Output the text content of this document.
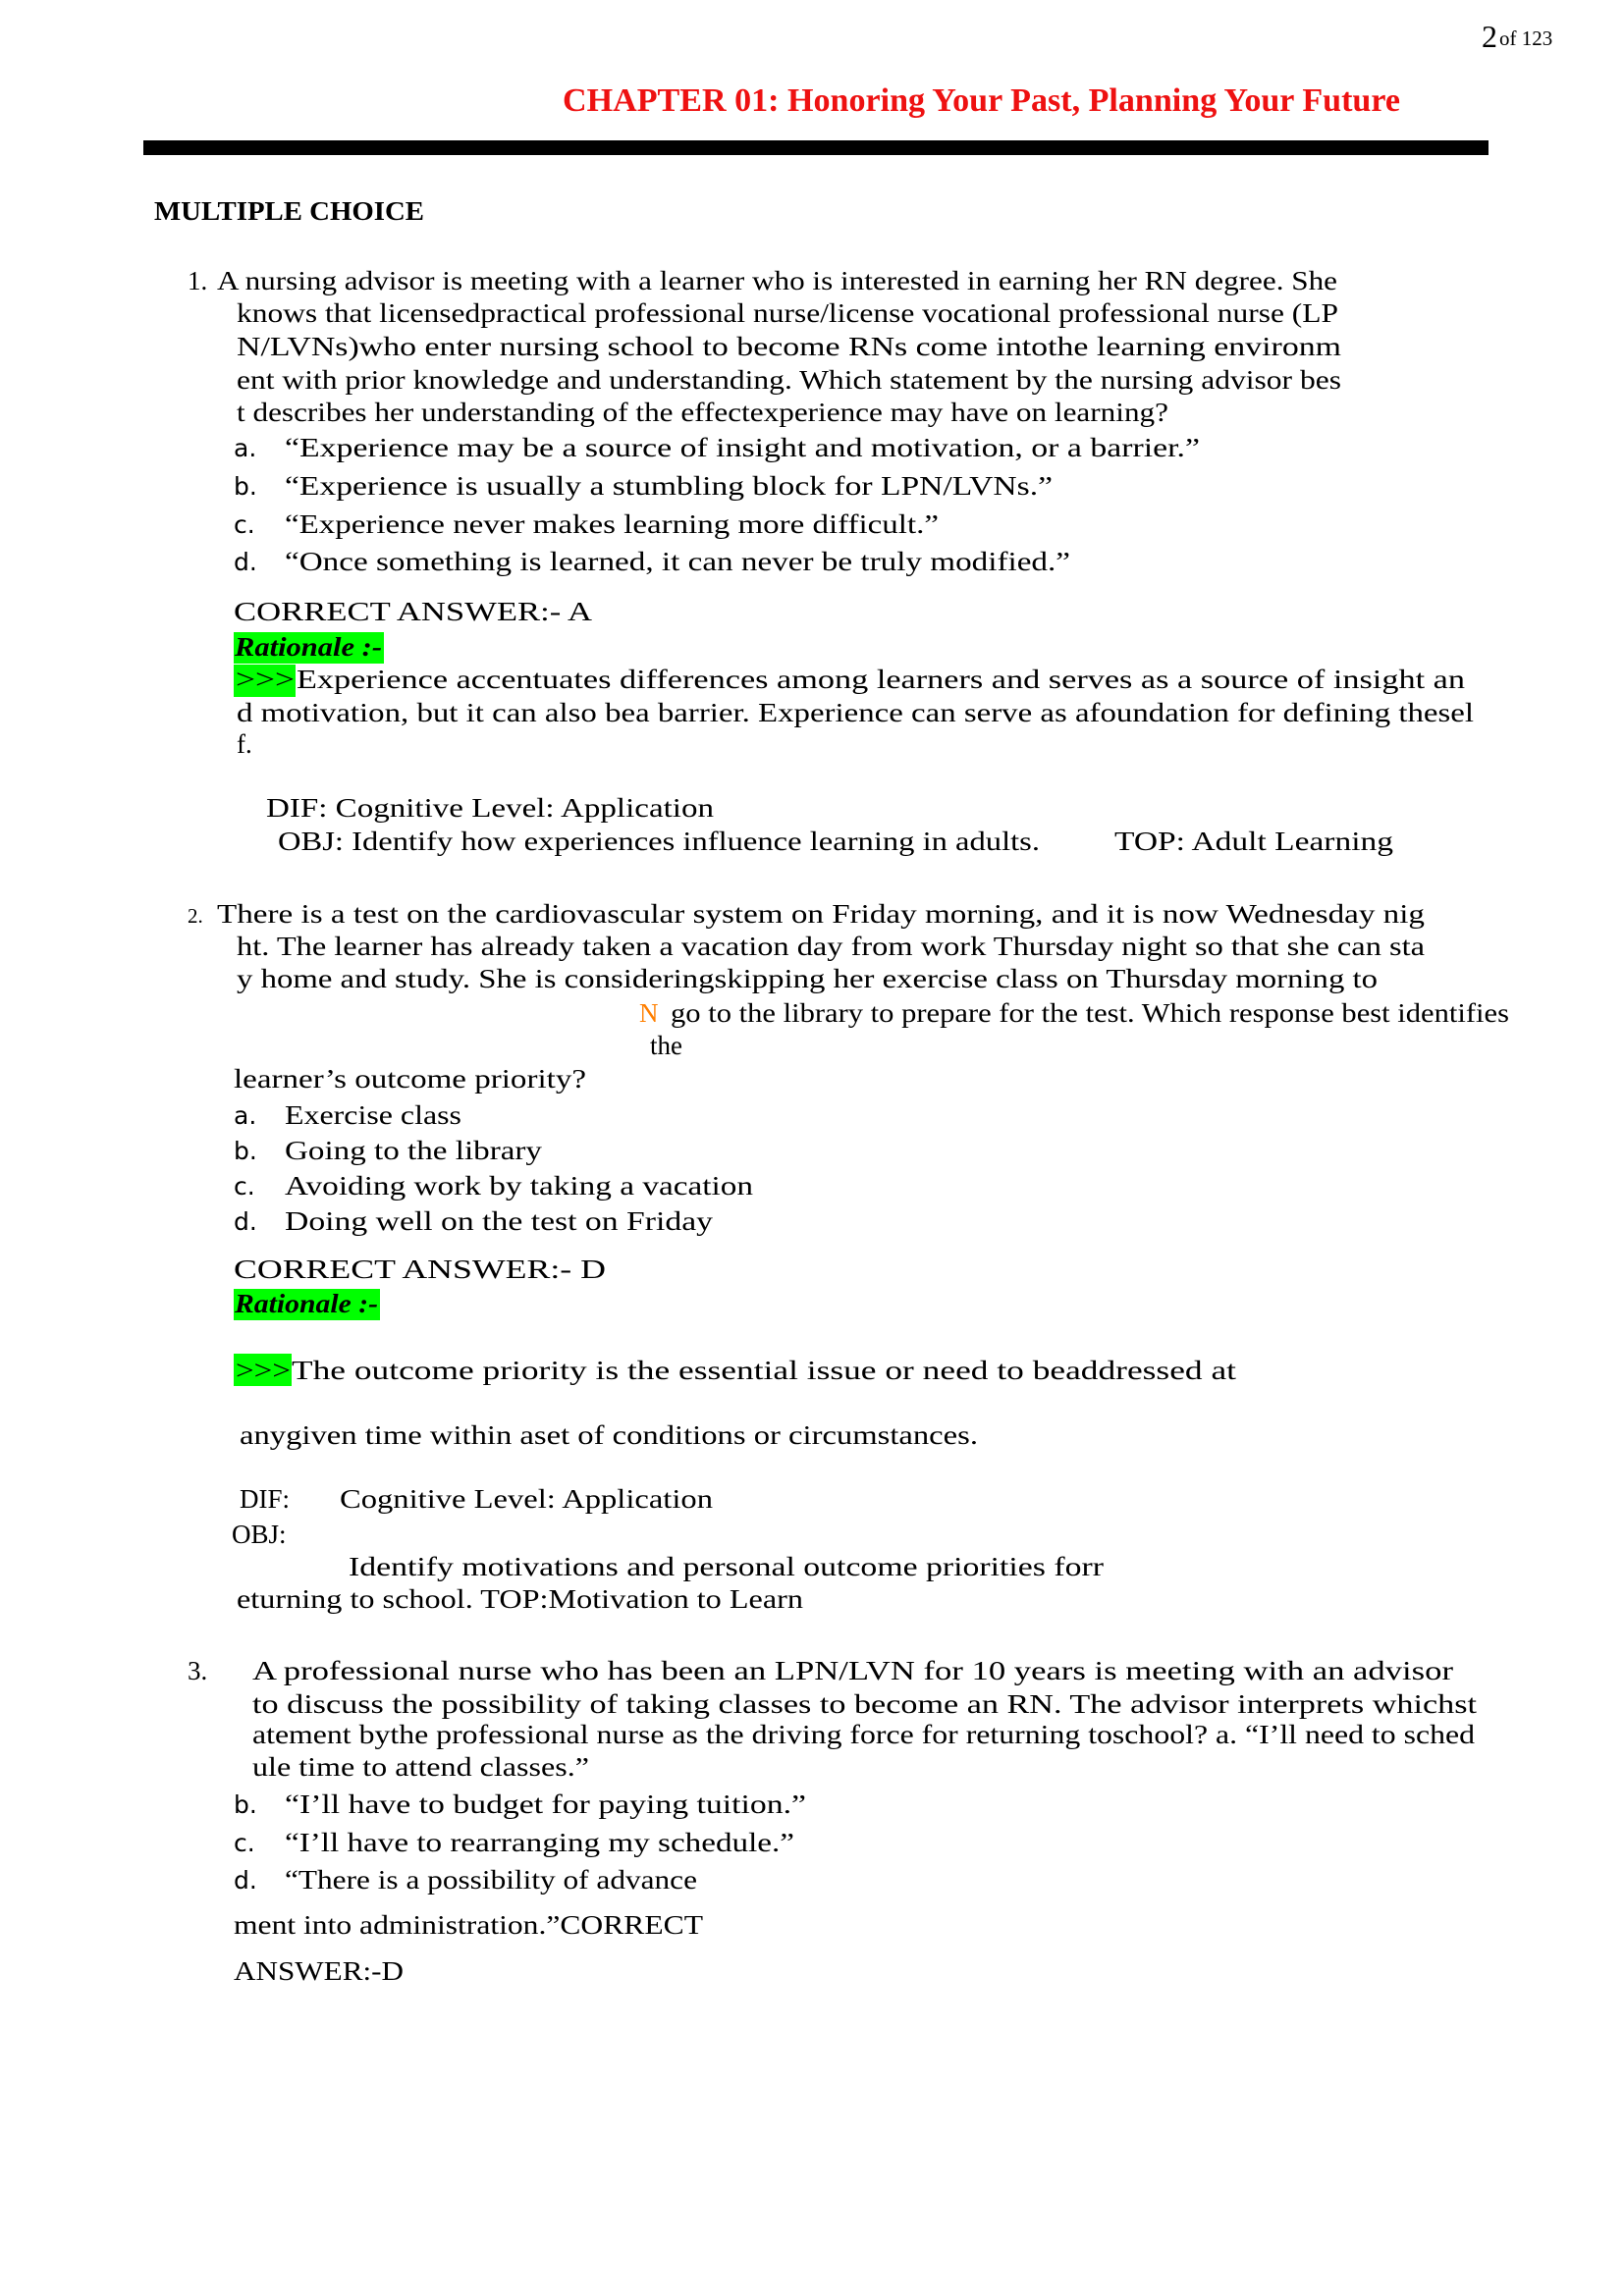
2 of 123
CHAPTER 01: Honoring Your Past, Planning Your Future
MULTIPLE CHOICE
1. A nursing advisor is meeting with a learner who is interested in earning her RN degree. She
knows that licensedpractical professional nurse/license vocational professional nurse (LP
N/LVNs)who enter nursing school to become RNs come intothe learning environm
ent with prior knowledge and understanding. Which statement by the nursing advisor bes
t describes her understanding of the effectexperience may have on learning?
a. “Experience may be a source of insight and motivation, or a barrier.”
b. “Experience is usually a stumbling block for LPN/LVNs.”
c. “Experience never makes learning more difficult.”
d. “Once something is learned, it can never be truly modified.”
CORRECT ANSWER:- A
Rationale :-
>>> Experience accentuates differences among learners and serves as a source of insight an
d motivation, but it can also bea barrier. Experience can serve as afoundation for defining thesel
f.
DIF: Cognitive Level: Application
OBJ: Identify how experiences influence learning in adults.	TOP: Adult Learning
2. There is a test on the cardiovascular system on Friday morning, and it is now Wednesday nig
ht. The learner has already taken a vacation day from work Thursday night so that she can sta
y home and study. She is consideringskipping her exercise class on Thursday morning to
N go to the library to prepare for the test. Which response best identifies
the
learner’s outcome priority?
a. Exercise class
b. Going to the library
c. Avoiding work by taking a vacation
d. Doing well on the test on Friday
CORRECT ANSWER:- D
Rationale :-
>>> The outcome priority is the essential issue or need to beaddressed at
anygiven time within aset of conditions or circumstances.
DIF: Cognitive Level: Application
OBJ:
Identify motivations and personal outcome priorities forr
eturning to school. TOP:Motivation to Learn
3. A professional nurse who has been an LPN/LVN for 10 years is meeting with an advisor
to discuss the possibility of taking classes to become an RN. The advisor interprets whichst
atement bythe professional nurse as the driving force for returning toschool? a. “I’ll need to sched
ule time to attend classes.”
b. “I’ll have to budget for paying tuition.”
c. “I’ll have to rearranging my schedule.”
d. “There is a possibility of advance
ment into administration.”CORRECT
ANSWER:-D
